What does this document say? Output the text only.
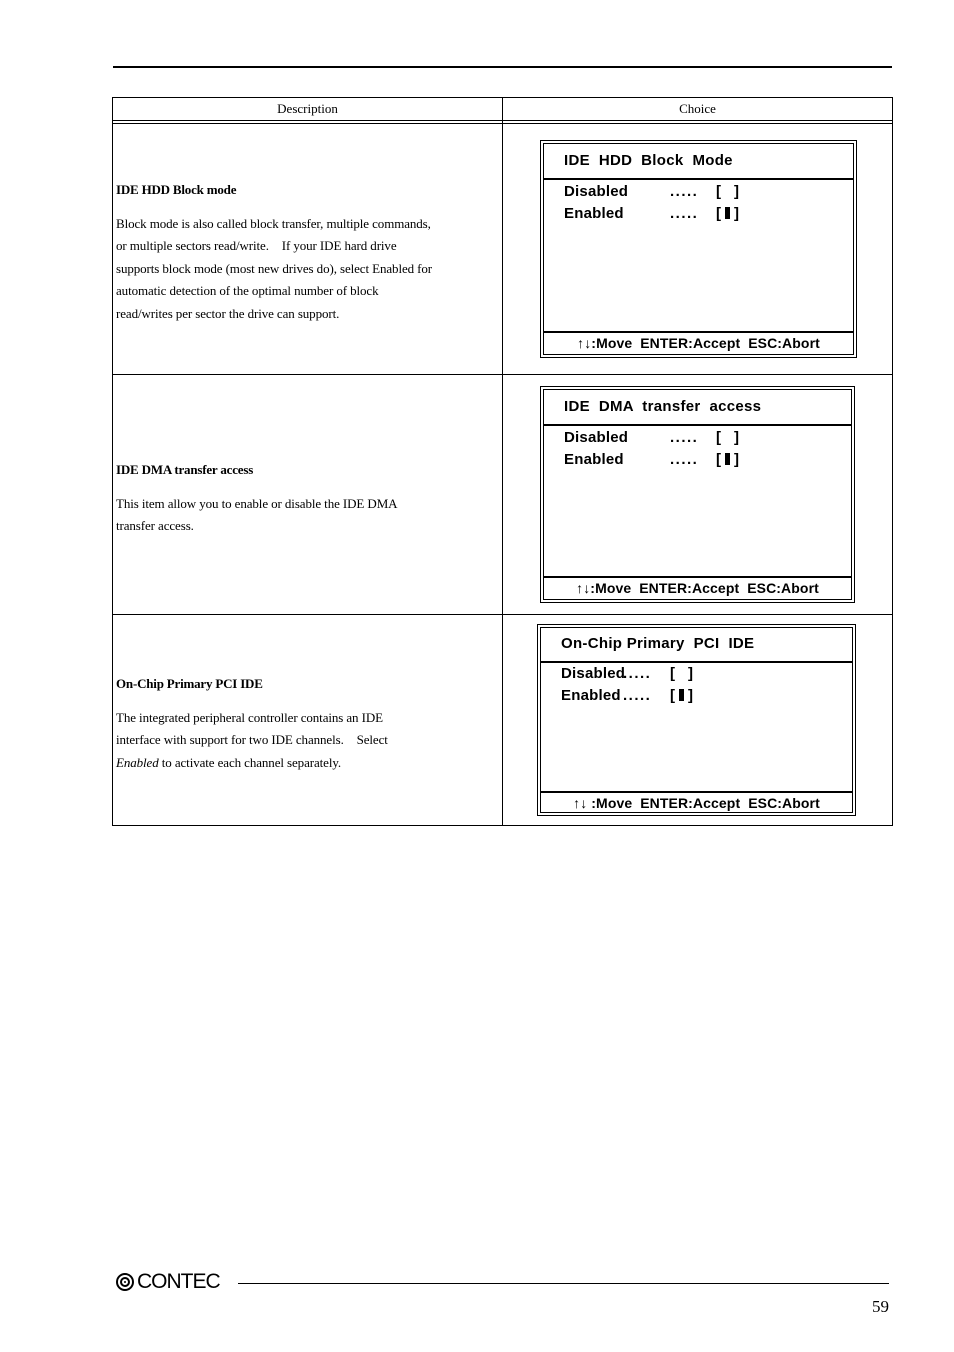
Description	Choice

IDE HDD Block mode

Block mode is also called block transfer, multiple commands,
or multiple sectors read/write.　If your IDE hard drive
supports block mode (most new drives do), select Enabled for
automatic detection of the optimal number of block
read/writes per sector the drive can support.

IDE  HDD  Block  Mode
Disabled	..... [ ]
Enabled	..... [ ]
↑↓:Move  ENTER:Accept  ESC:Abort

IDE DMA transfer access

This item allow you to enable or disable the IDE DMA
transfer access.

IDE  DMA  transfer  access
Disabled	..... [ ]
Enabled	..... [ ]
↑↓:Move  ENTER:Accept  ESC:Abort

On-Chip Primary PCI IDE

The integrated peripheral controller contains an IDE
interface with support for two IDE channels.　Select
Enabled to activate each channel separately.

On-Chip Primary  PCI  IDE
Disabled
..... [ ]
Enabled ..... [ ]
↑↓ :Move  ENTER:Accept  ESC:Abort
CONTEC
59
